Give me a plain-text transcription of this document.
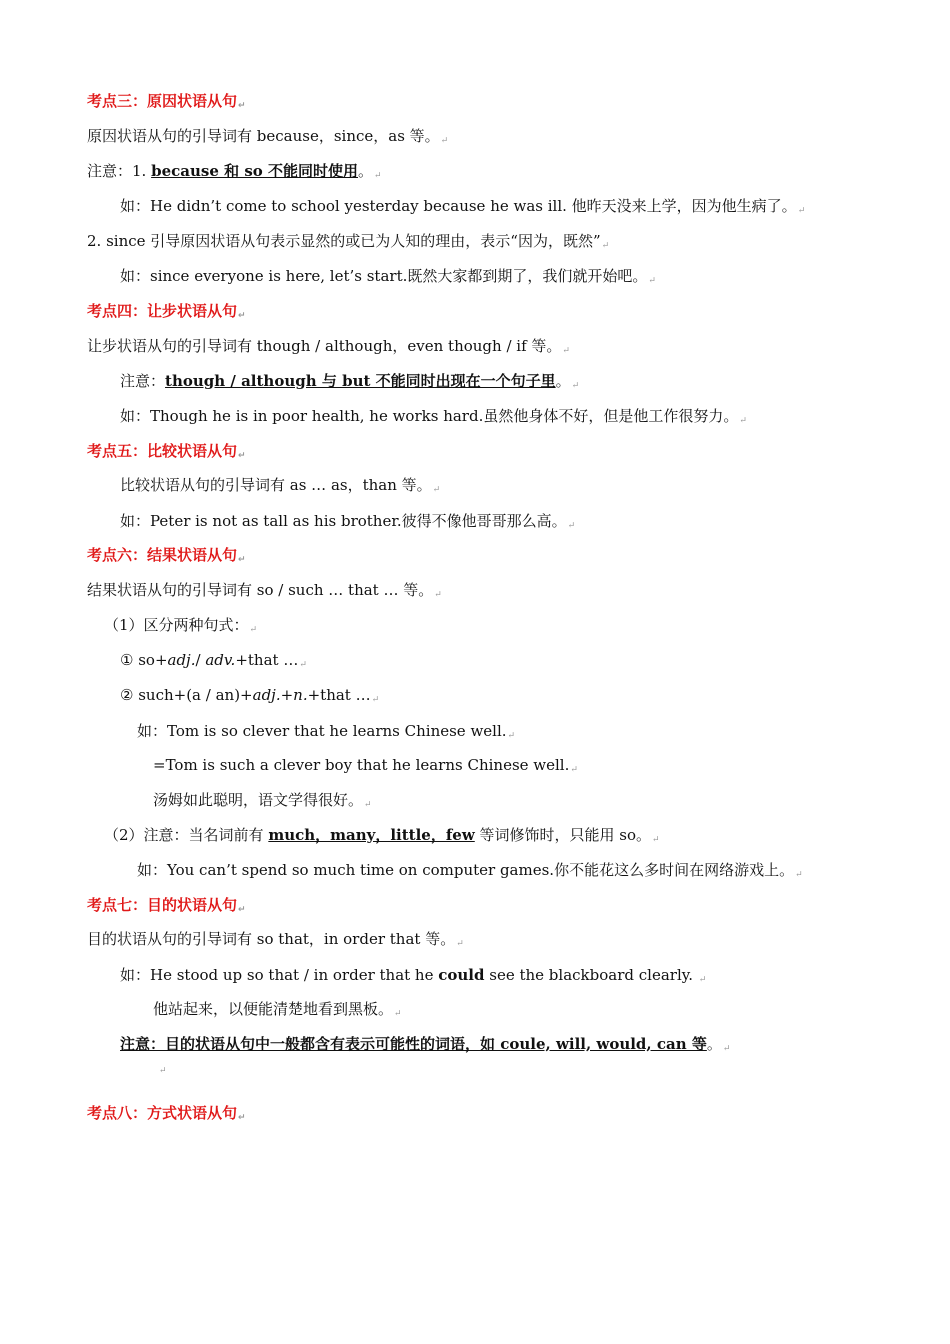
考点三：原因状语从句↵
原因状语从句的引导词有 because，since，as 等。↵
注意：1. because 和 so 不能同时使用。↵
如：He didn’t come to school yesterday because he was ill. 他昨天没来上学，因为他生病了。↵
2. since 引导原因状语从句表示显然的或已为人知的理由，表示“因为，既然”↵
如：since everyone is here, let’s start.既然大家都到期了，我们就开始吧。↵
考点四：让步状语从句↵
让步状语从句的引导词有 though / although，even though / if 等。↵
注意：though / although 与 but 不能同时出现在一个句子里。↵
如：Though he is in poor health, he works hard.虽然他身体不好，但是他工作很努力。↵
考点五：比较状语从句↵
比较状语从句的引导词有 as … as，than 等。↵
如：Peter is not as tall as his brother.彼得不像他哥哥那么高。↵
考点六：结果状语从句↵
结果状语从句的引导词有 so / such … that … 等。↵
（1）区分两种句式：↵
① so+adj./ adv.+that …↵
② such+(a / an)+adj.+n.+that …↵
如：Tom is so clever that he learns Chinese well.↵
=Tom is such a clever boy that he learns Chinese well.↵
汤姆如此聪明，语文学得很好。↵
（2）注意：当名词前有 much，many，little，few 等词修饰时，只能用 so。↵
如：You can’t spend so much time on computer games.你不能花这么多时间在网络游戏上。↵
考点七：目的状语从句↵
目的状语从句的引导词有 so that，in order that 等。↵
如：He stood up so that / in order that he could see the blackboard clearly. ↵
他站起来，以便能清楚地看到黑板。↵
注意：目的状语从句中一般都含有表示可能性的词语，如 coule, will, would, can 等。↵
↵
考点八：方式状语从句↵
